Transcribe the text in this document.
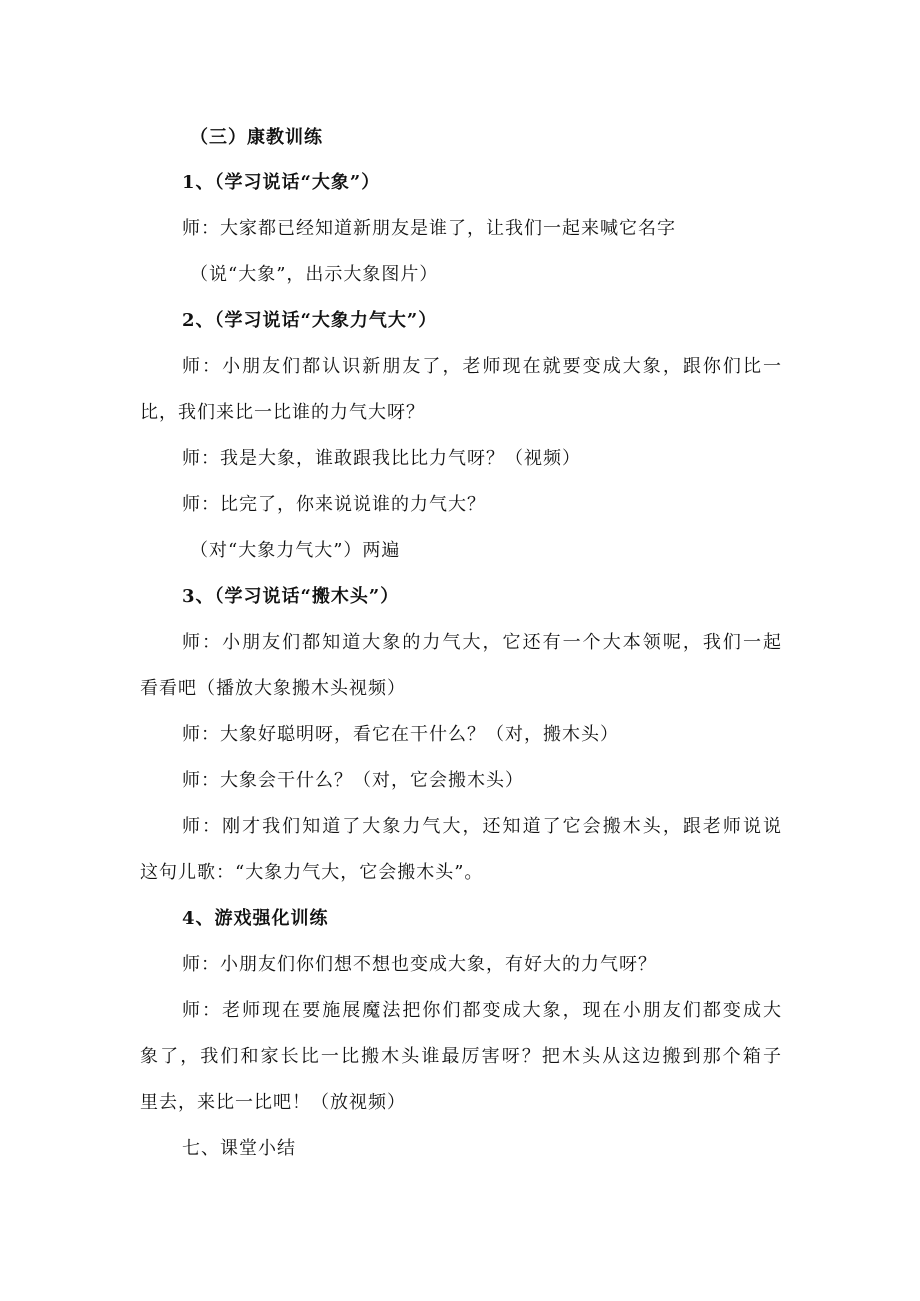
（三）康教训练
1、（学习说话“大象”）
师：大家都已经知道新朋友是谁了，让我们一起来喊它名字
（说“大象”，出示大象图片）
2、（学习说话“大象力气大”）
师：小朋友们都认识新朋友了，老师现在就要变成大象，跟你们比一
比，我们来比一比谁的力气大呀？
师：我是大象，谁敢跟我比比力气呀？（视频）
师：比完了，你来说说谁的力气大？
（对“大象力气大”）两遍
3、（学习说话“搬木头”）
师：小朋友们都知道大象的力气大，它还有一个大本领呢，我们一起
看看吧（播放大象搬木头视频）
师：大象好聪明呀，看它在干什么？（对，搬木头）
师：大象会干什么？（对，它会搬木头）
师：刚才我们知道了大象力气大，还知道了它会搬木头，跟老师说说
这句儿歌：“大象力气大，它会搬木头”。
4、游戏强化训练
师：小朋友们你们想不想也变成大象，有好大的力气呀？
师：老师现在要施展魔法把你们都变成大象，现在小朋友们都变成大
象了，我们和家长比一比搬木头谁最厉害呀？把木头从这边搬到那个箱子
里去，来比一比吧！（放视频）
七、课堂小结
